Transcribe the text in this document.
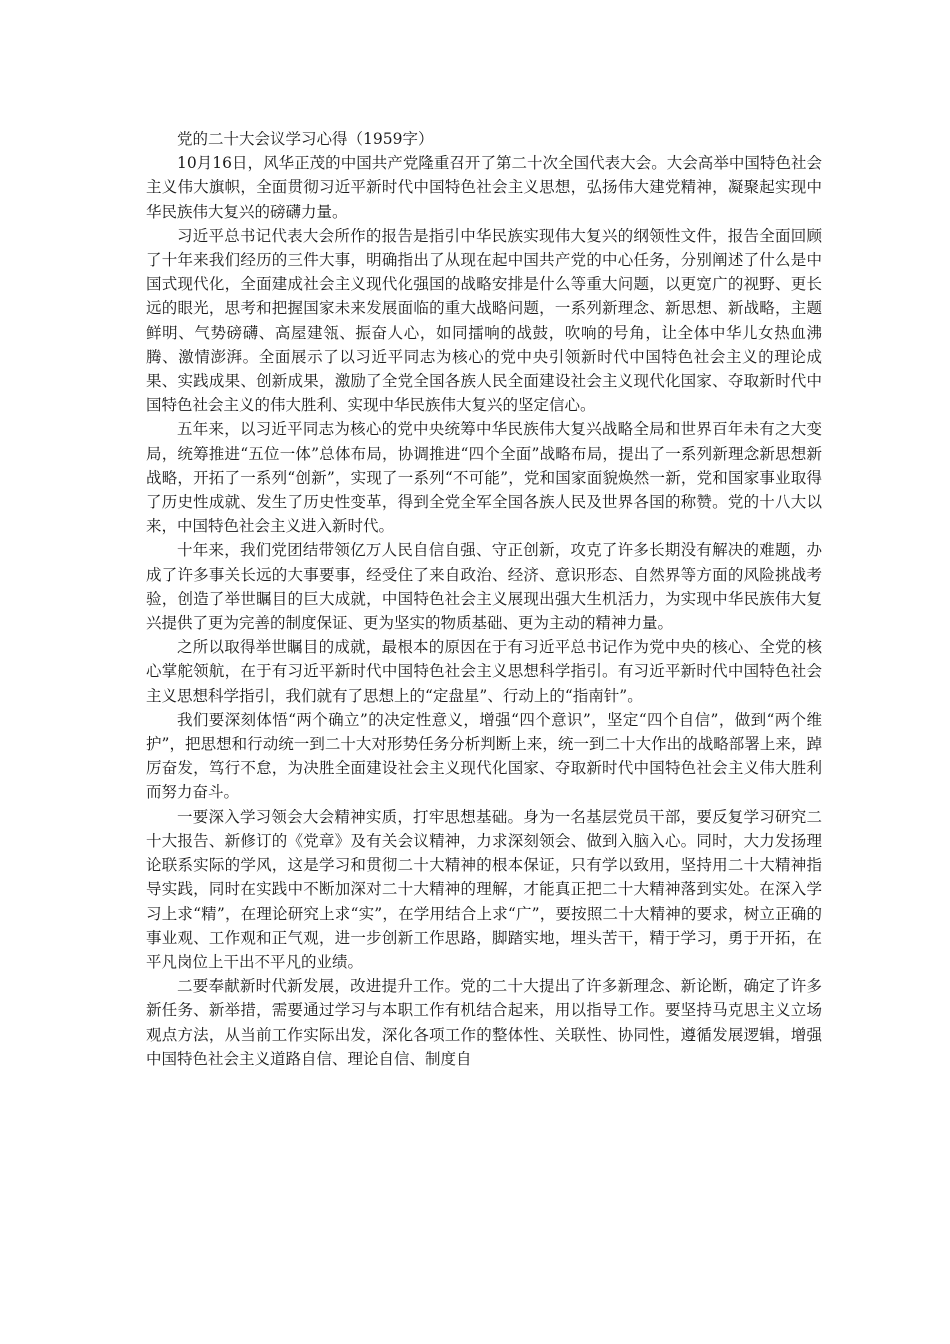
党的二十大会议学习心得（1959字）

10月16日，风华正茂的中国共产党隆重召开了第二十次全国代表大会。大会高举中国特色社会主义伟大旗帜，全面贯彻习近平新时代中国特色社会主义思想，弘扬伟大建党精神，凝聚起实现中华民族伟大复兴的磅礴力量。

习近平总书记代表大会所作的报告是指引中华民族实现伟大复兴的纲领性文件，报告全面回顾了十年来我们经历的三件大事，明确指出了从现在起中国共产党的中心任务，分别阐述了什么是中国式现代化，全面建成社会主义现代化强国的战略安排是什么等重大问题，以更宽广的视野、更长远的眼光，思考和把握国家未来发展面临的重大战略问题，一系列新理念、新思想、新战略，主题鲜明、气势磅礴、高屋建瓴、振奋人心，如同擂响的战鼓，吹响的号角，让全体中华儿女热血沸腾、激情澎湃。全面展示了以习近平同志为核心的党中央引领新时代中国特色社会主义的理论成果、实践成果、创新成果，激励了全党全国各族人民全面建设社会主义现代化国家、夺取新时代中国特色社会主义的伟大胜利、实现中华民族伟大复兴的坚定信心。

五年来，以习近平同志为核心的党中央统筹中华民族伟大复兴战略全局和世界百年未有之大变局，统筹推进“五位一体”总体布局，协调推进“四个全面”战略布局，提出了一系列新理念新思想新战略，开拓了一系列“创新”，实现了一系列“不可能”，党和国家面貌焕然一新，党和国家事业取得了历史性成就、发生了历史性变革，得到全党全军全国各族人民及世界各国的称赞。党的十八大以来，中国特色社会主义进入新时代。

十年来，我们党团结带领亿万人民自信自强、守正创新，攻克了许多长期没有解决的难题，办成了许多事关长远的大事要事，经受住了来自政治、经济、意识形态、自然界等方面的风险挑战考验，创造了举世瞩目的巨大成就，中国特色社会主义展现出强大生机活力，为实现中华民族伟大复兴提供了更为完善的制度保证、更为坚实的物质基础、更为主动的精神力量。

之所以取得举世瞩目的成就，最根本的原因在于有习近平总书记作为党中央的核心、全党的核心掌舵领航，在于有习近平新时代中国特色社会主义思想科学指引。有习近平新时代中国特色社会主义思想科学指引，我们就有了思想上的“定盘星”、行动上的“指南针”。

我们要深刻体悟“两个确立”的决定性意义，增强“四个意识”，坚定“四个自信”，做到“两个维护”，把思想和行动统一到二十大对形势任务分析判断上来，统一到二十大作出的战略部署上来，踔厉奋发，笃行不怠，为决胜全面建设社会主义现代化国家、夺取新时代中国特色社会主义伟大胜利而努力奋斗。

一要深入学习领会大会精神实质，打牢思想基础。身为一名基层党员干部，要反复学习研究二十大报告、新修订的《党章》及有关会议精神，力求深刻领会、做到入脑入心。同时，大力发扬理论联系实际的学风，这是学习和贯彻二十大精神的根本保证，只有学以致用，坚持用二十大精神指导实践，同时在实践中不断加深对二十大精神的理解，才能真正把二十大精神落到实处。在深入学习上求“精”，在理论研究上求“实”，在学用结合上求“广”，要按照二十大精神的要求，树立正确的事业观、工作观和正气观，进一步创新工作思路，脚踏实地，埋头苦干，精于学习，勇于开拓，在平凡岗位上干出不平凡的业绩。

二要奉献新时代新发展，改进提升工作。党的二十大提出了许多新理念、新论断，确定了许多新任务、新举措，需要通过学习与本职工作有机结合起来，用以指导工作。要坚持马克思主义立场观点方法，从当前工作实际出发，深化各项工作的整体性、关联性、协同性，遵循发展逻辑，增强中国特色社会主义道路自信、理论自信、制度自
